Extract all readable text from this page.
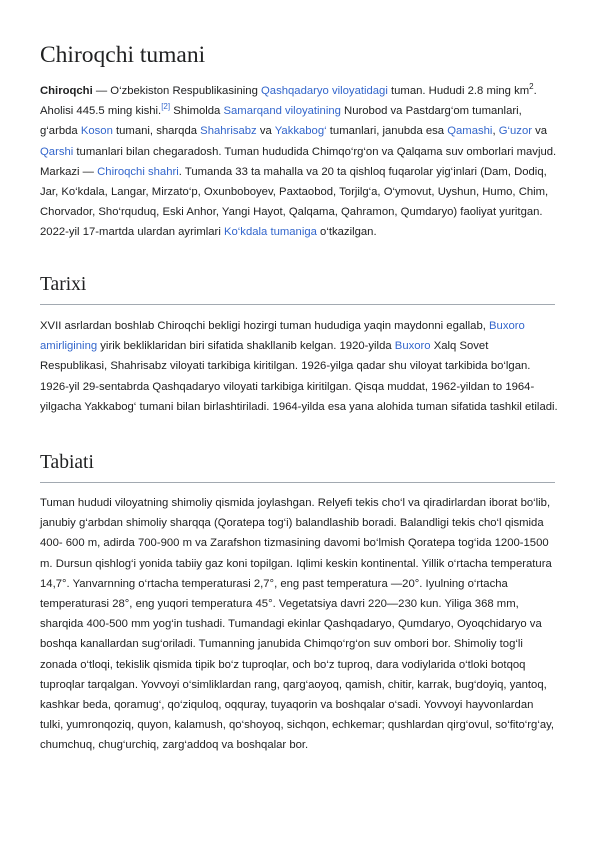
Chiroqchi tumani

Chiroqchi — O‘zbekiston Respublikasining Qashqadaryo viloyatidagi tuman. Hududi 2.8 ming $km^2$. Aholisi 445.5 ming kishi.[2] Shimolda Samarqand viloyatining Nurobod va Pastdarg‘om tumanlari, g‘arbda Koson tumani, sharqda Shahrisabz va Yakkabog‘ tumanlari, janubda esa Qamashi, G‘uzor va Qarshi tumanlari bilan chegaradosh. Tuman hududida Chimqo‘rg‘on va Qalqama suv omborlari mavjud. Markazi — Chiroqchi shahri. Tumanda 33 ta mahalla va 20 ta qishloq fuqarolar yig‘inlari (Dam, Dodiq, Jar, Ko‘kdala, Langar, Mirzato‘p, Oxunboboyev, Paxtaobod, Torjilg‘a, O‘ymovut, Uyshun, Humo, Chim, Chorvador, Sho‘rquduq, Eski Anhor, Yangi Hayot, Qalqama, Qahramon, Qumdaryo) faoliyat yuritgan. 2022-yil 17-martda ulardan ayrimlari Ko‘kdala tumaniga o‘tkazilgan.

Tarixi

XVII asrlardan boshlab Chiroqchi bekligi hozirgi tuman hududiga yaqin maydonni egallab, Buxoro amirligining yirik bekliklaridan biri sifatida shakllanib kelgan. 1920-yilda Buxoro Xalq Sovet Respublikasi, Shahrisabz viloyati tarkibiga kiritilgan. 1926-yilga qadar shu viloyat tarkibida bo‘lgan. 1926-yil 29-sentabrda Qashqadaryo viloyati tarkibiga kiritilgan. Qisqa muddat, 1962-yildan to 1964-yilgacha Yakkabog‘ tumani bilan birlashtiriladi. 1964-yilda esa yana alohida tuman sifatida tashkil etiladi.

Tabiati

Tuman hududi viloyatning shimoliy qismida joylashgan. Relyefi tekis cho‘l va qiradirlardan iborat bo‘lib, janubiy g‘arbdan shimoliy sharqqa (Qoratepa tog‘i) balandlashib boradi. Balandligi tekis cho‘l qismida 400- 600 m, adirda 700-900 m va Zarafshon tizmasining davomi bo‘lmish Qoratepa tog‘ida 1200-1500 m. Dursun qishlog‘i yonida tabiiy gaz koni topilgan. Iqlimi keskin kontinental. Yillik o‘rtacha temperatura 14,7°. Yanvarnning o‘rtacha temperaturasi 2,7°, eng past temperatura —20°. Iyulning o‘rtacha temperaturasi 28°, eng yuqori temperatura 45°. Vegetatsiya davri 220—230 kun. Yiliga 368 mm, sharqida 400-500 mm yog‘in tushadi. Tumandagi ekinlar Qashqadaryo, Qumdaryo, Oyoqchidaryo va boshqa kanallardan sug‘oriladi. Tumanning janubida Chimqo‘rg‘on suv ombori bor. Shimoliy tog‘li zonada o‘tloqi, tekislik qismida tipik bo‘z tuproqlar, och bo‘z tuproq, dara vodiylarida o‘tloki botqoq tuproqlar tarqalgan. Yovvoyi o‘simliklardan rang, qarg‘aoyoq, qamish, chitir, karrak, bug‘doyiq, yantoq, kashkar beda, qoramug‘, qo‘ziquloq, oqquray, tuyaqorin va boshqalar o‘sadi. Yovvoyi hayvonlardan tulki, yumronqoziq, quyon, kalamush, qo‘shoyoq, sichqon, echkemar; qushlardan qirg‘ovul, so‘fito‘rg‘ay, chumchuq, chug‘urchiq, zarg‘addoq va boshqalar bor.
